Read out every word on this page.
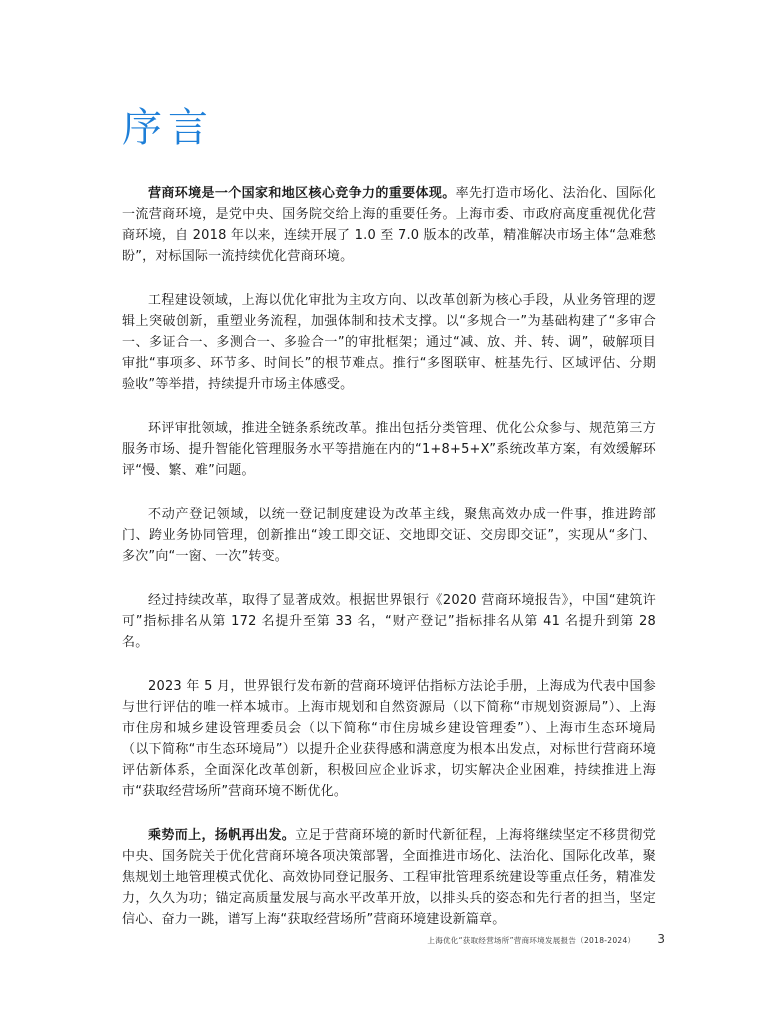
序言

营商环境是一个国家和地区核心竞争力的重要体现。率先打造市场化、法治化、国际化一流营商环境，是党中央、国务院交给上海的重要任务。上海市委、市政府高度重视优化营商环境，自 2018 年以来，连续开展了 1.0 至 7.0 版本的改革，精准解决市场主体“急难愁盼”，对标国际一流持续优化营商环境。

工程建设领域，上海以优化审批为主攻方向、以改革创新为核心手段，从业务管理的逻辑上突破创新，重塑业务流程，加强体制和技术支撑。以“多规合一”为基础构建了“多审合一、多证合一、多测合一、多验合一”的审批框架；通过“减、放、并、转、调”，破解项目审批“事项多、环节多、时间长”的根节难点。推行“多图联审、桩基先行、区域评估、分期验收”等举措，持续提升市场主体感受。

环评审批领域，推进全链条系统改革。推出包括分类管理、优化公众参与、规范第三方服务市场、提升智能化管理服务水平等措施在内的“1+8+5+X”系统改革方案，有效缓解环评“慢、繁、难”问题。

不动产登记领域，以统一登记制度建设为改革主线，聚焦高效办成一件事，推进跨部门、跨业务协同管理，创新推出“竣工即交证、交地即交证、交房即交证”，实现从“多门、多次”向“一窗、一次”转变。

经过持续改革，取得了显著成效。根据世界银行《2020 营商环境报告》，中国“建筑许可”指标排名从第 172 名提升至第 33 名，“财产登记”指标排名从第 41 名提升到第 28 名。

2023 年 5 月，世界银行发布新的营商环境评估指标方法论手册，上海成为代表中国参与世行评估的唯一样本城市。上海市规划和自然资源局（以下简称“市规划资源局”）、上海市住房和城乡建设管理委员会（以下简称“市住房城乡建设管理委”）、上海市生态环境局（以下简称“市生态环境局”）以提升企业获得感和满意度为根本出发点，对标世行营商环境评估新体系，全面深化改革创新，积极回应企业诉求，切实解决企业困难，持续推进上海市“获取经营场所”营商环境不断优化。

乘势而上，扬帆再出发。立足于营商环境的新时代新征程，上海将继续坚定不移贯彻党中央、国务院关于优化营商环境各项决策部署，全面推进市场化、法治化、国际化改革，聚焦规划土地管理模式优化、高效协同登记服务、工程审批管理系统建设等重点任务，精准发力，久久为功；锚定高质量发展与高水平改革开放，以排头兵的姿态和先行者的担当，坚定信心、奋力一跳，谱写上海“获取经营场所”营商环境建设新篇章。

上海优化“获取经营场所”营商环境发展报告（2018-2024） 3
